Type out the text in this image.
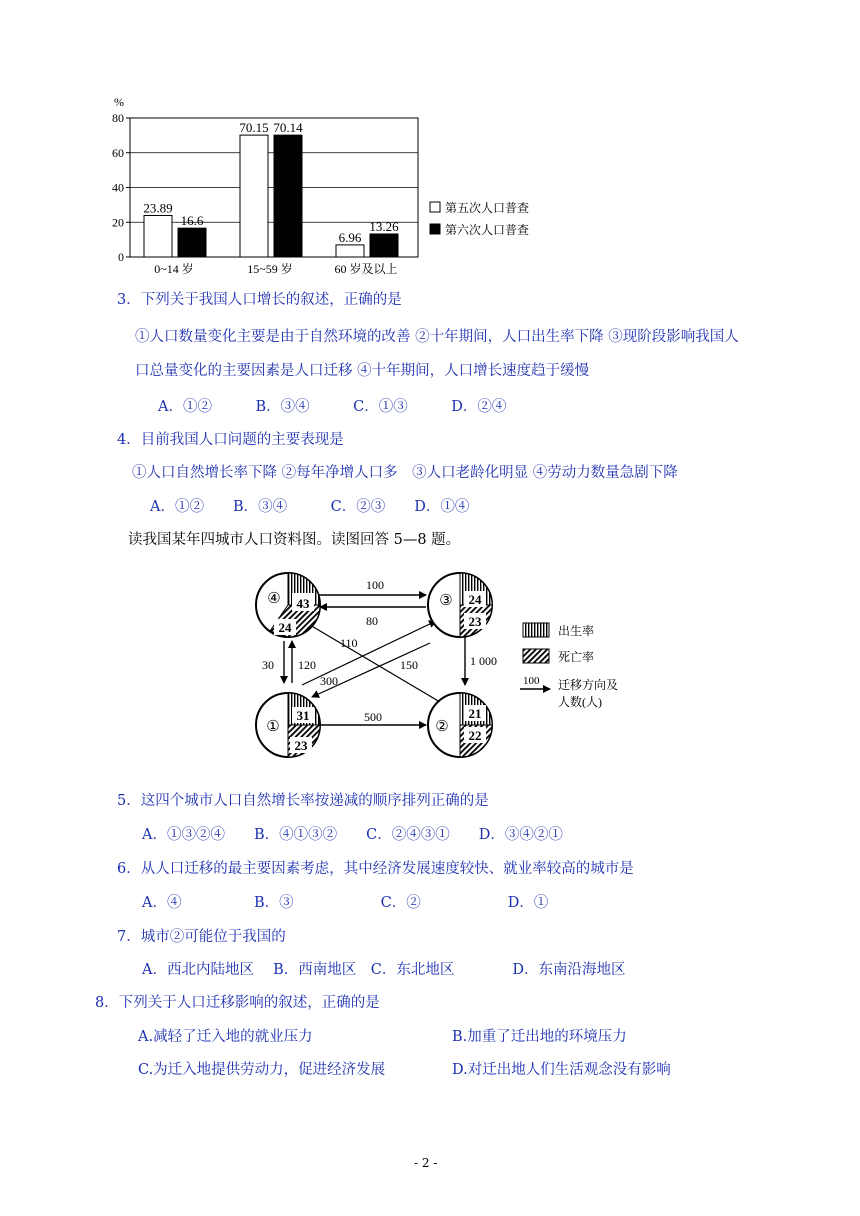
0
20
40
60
80
%
0~14 岁
23.89
16.6
15~59 岁
70.15 70.14
60 岁及以上
6.96
13.26
第五次人口普查
第六次人口普查
3．下列关于我国人口增长的叙述，正确的是
①人口数量变化主要是由于自然环境的改善 ②十年期间，人口出生率下降 ③现阶段影响我国人
口总量变化的主要因素是人口迁移 ④十年期间，人口增长速度趋于缓慢
A．①②　　　B．③④　　　C．①③　　　D．②④
4．目前我国人口问题的主要表现是
①人口自然增长率下降 ②每年净增人口多　③人口老龄化明显 ④劳动力数量急剧下降
A．①②　　B．③④　　　C．②③　　D．①④
读我国某年四城市人口资料图。读图回答 5—8 题。
43
24
④	24
23
③
31
23
①
21
22
②
100
80
110
150	1 000
30 120
300
500
出生率
死亡率
100 迁移方向及
人数(人)
5．这四个城市人口自然增长率按递减的顺序排列正确的是
A．①③②④　　B．④①③②　　C．②④③①　　D．③④②①
6．从人口迁移的最主要因素考虑，其中经济发展速度较快、就业率较高的城市是
A．④　　　　　B．③　　　　　　C．②　　　　　　D．①
7．城市②可能位于我国的
A．西北内陆地区　 B．西南地区　C．东北地区　　　　D．东南沿海地区
8．下列关于人口迁移影响的叙述，正确的是
A.减轻了迁入地的就业压力	B.加重了迁出地的环境压力
C.为迁入地提供劳动力，促进经济发展	D.对迁出地人们生活观念没有影响
- 2 -
